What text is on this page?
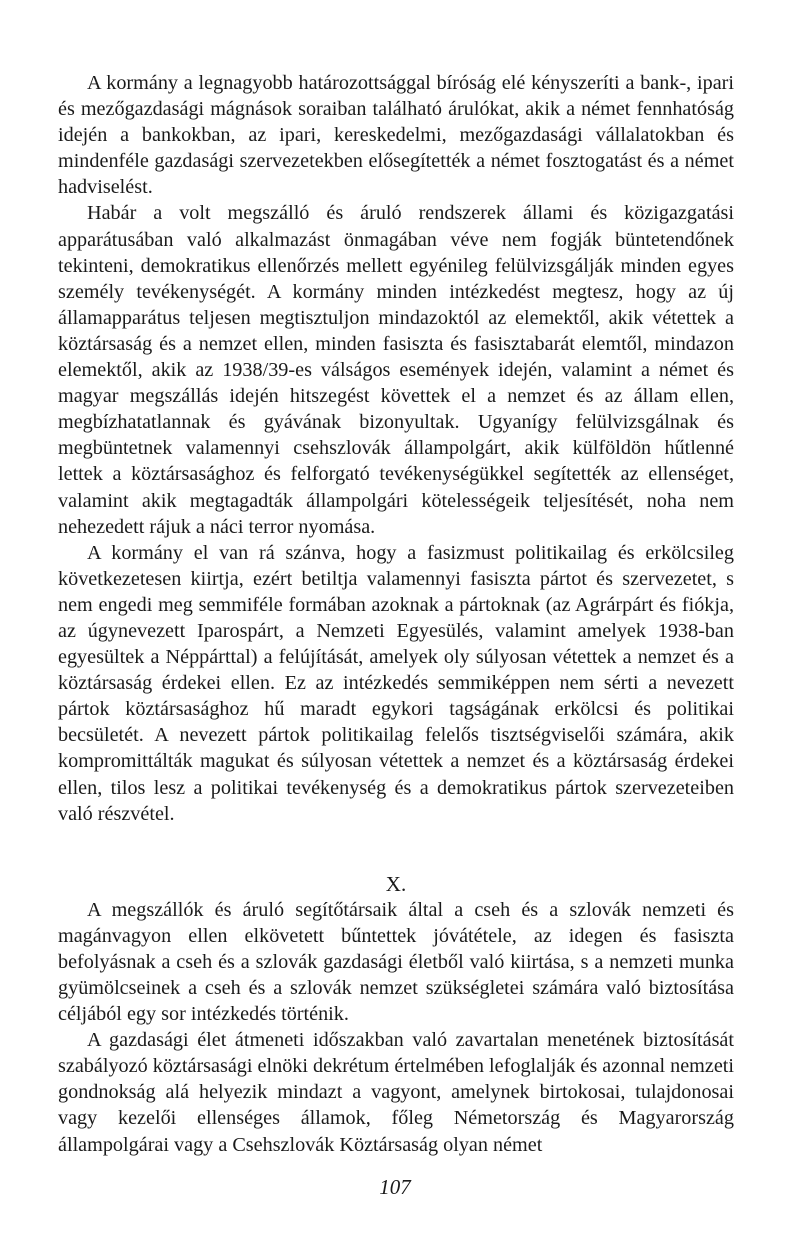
A kormány a legnagyobb határozottsággal bíróság elé kényszeríti a bank-, ipari és mezőgazdasági mágnások soraiban található árulókat, akik a német fennhatóság idején a bankokban, az ipari, kereskedelmi, mezőgazdasági vállalatokban és mindenféle gazdasági szervezetekben elősegítették a német fosztogatást és a német hadviselést.

Habár a volt megszálló és áruló rendszerek állami és közigazgatási apparátusában való alkalmazást önmagában véve nem fogják büntetendőnek tekinteni, demokratikus ellenőrzés mellett egyénileg felülvizsgálják minden egyes személy tevékenységét. A kormány minden intézkedést megtesz, hogy az új államapparátus teljesen megtisztuljon mindazoktól az elemektől, akik vétettek a köztársaság és a nemzet ellen, minden fasiszta és fasisztabarát elemtől, mindazon elemektől, akik az 1938/39-es válságos események idején, valamint a német és magyar megszállás idején hitszegést követtek el a nemzet és az állam ellen, megbízhatatlannak és gyávának bizonyultak. Ugyanígy felülvizsgálnak és megbüntetnek valamennyi csehszlovák állampolgárt, akik külföldön hűtlenné lettek a köztársasághoz és felforgató tevékenységükkel segítették az ellenséget, valamint akik megtagadták állampolgári kötelességeik teljesítését, noha nem nehezedett rájuk a náci terror nyomása.

A kormány el van rá szánva, hogy a fasizmust politikailag és erkölcsileg következetesen kiirtja, ezért betiltja valamennyi fasiszta pártot és szervezetet, s nem engedi meg semmiféle formában azoknak a pártoknak (az Agrárpárt és fiókja, az úgynevezett Iparospárt, a Nemzeti Egyesülés, valamint amelyek 1938-ban egyesültek a Néppárttal) a felújítását, amelyek oly súlyosan vétettek a nemzet és a köztársaság érdekei ellen. Ez az intézkedés semmiképpen nem sérti a nevezett pártok köztársasághoz hű maradt egykori tagságának erkölcsi és politikai becsületét. A nevezett pártok politikailag felelős tisztségviselői számára, akik kompromittálták magukat és súlyosan vétettek a nemzet és a köztársaság érdekei ellen, tilos lesz a politikai tevékenység és a demokratikus pártok szervezeteiben való részvétel.

X.

A megszállók és áruló segítőtársaik által a cseh és a szlovák nemzeti és magánvagyon ellen elkövetett bűntettek jóvátétele, az idegen és fasiszta befolyásnak a cseh és a szlovák gazdasági életből való kiirtása, s a nemzeti munka gyümölcseinek a cseh és a szlovák nemzet szükségletei számára való biztosítása céljából egy sor intézkedés történik.

A gazdasági élet átmeneti időszakban való zavartalan menetének biztosítását szabályozó köztársasági elnöki dekrétum értelmében lefoglalják és azonnal nemzeti gondnokság alá helyezik mindazt a vagyont, amelynek birtokosai, tulajdonosai vagy kezelői ellenséges államok, főleg Németország és Magyarország állampolgárai vagy a Csehszlovák Köztársaság olyan német

107
